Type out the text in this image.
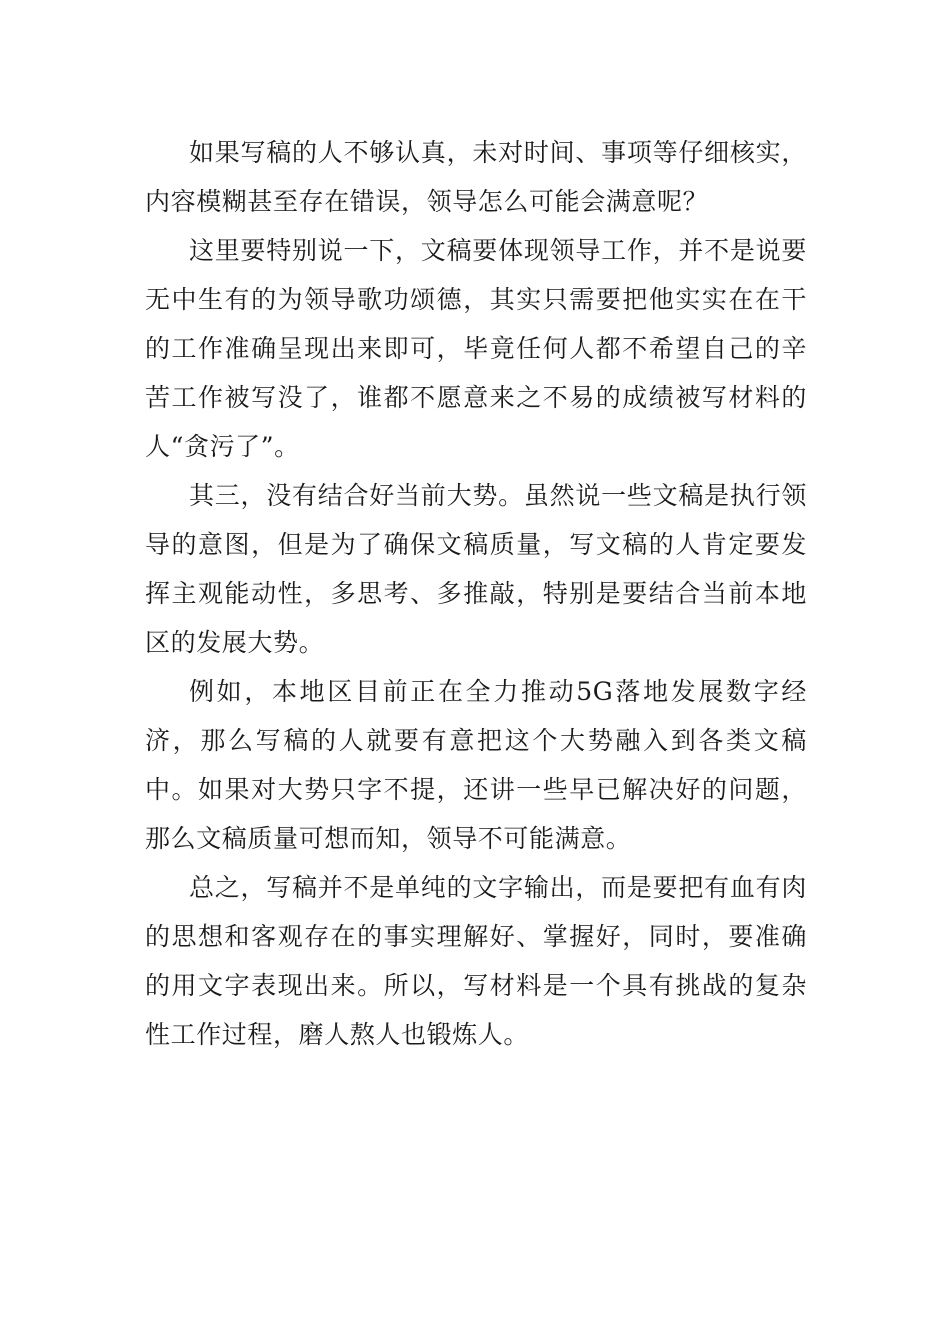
如果写稿的人不够认真，未对时间、事项等仔细核实，内容模糊甚至存在错误，领导怎么可能会满意呢？

这里要特别说一下，文稿要体现领导工作，并不是说要无中生有的为领导歌功颂德，其实只需要把他实实在在干的工作准确呈现出来即可，毕竟任何人都不希望自己的辛苦工作被写没了，谁都不愿意来之不易的成绩被写材料的人“贪污了”。

其三，没有结合好当前大势。虽然说一些文稿是执行领导的意图，但是为了确保文稿质量，写文稿的人肯定要发挥主观能动性，多思考、多推敲，特别是要结合当前本地区的发展大势。

例如，本地区目前正在全力推动5G落地发展数字经济，那么写稿的人就要有意把这个大势融入到各类文稿中。如果对大势只字不提，还讲一些早已解决好的问题，那么文稿质量可想而知，领导不可能满意。

总之，写稿并不是单纯的文字输出，而是要把有血有肉的思想和客观存在的事实理解好、掌握好，同时，要准确的用文字表现出来。所以，写材料是一个具有挑战的复杂性工作过程，磨人熬人也锻炼人。
